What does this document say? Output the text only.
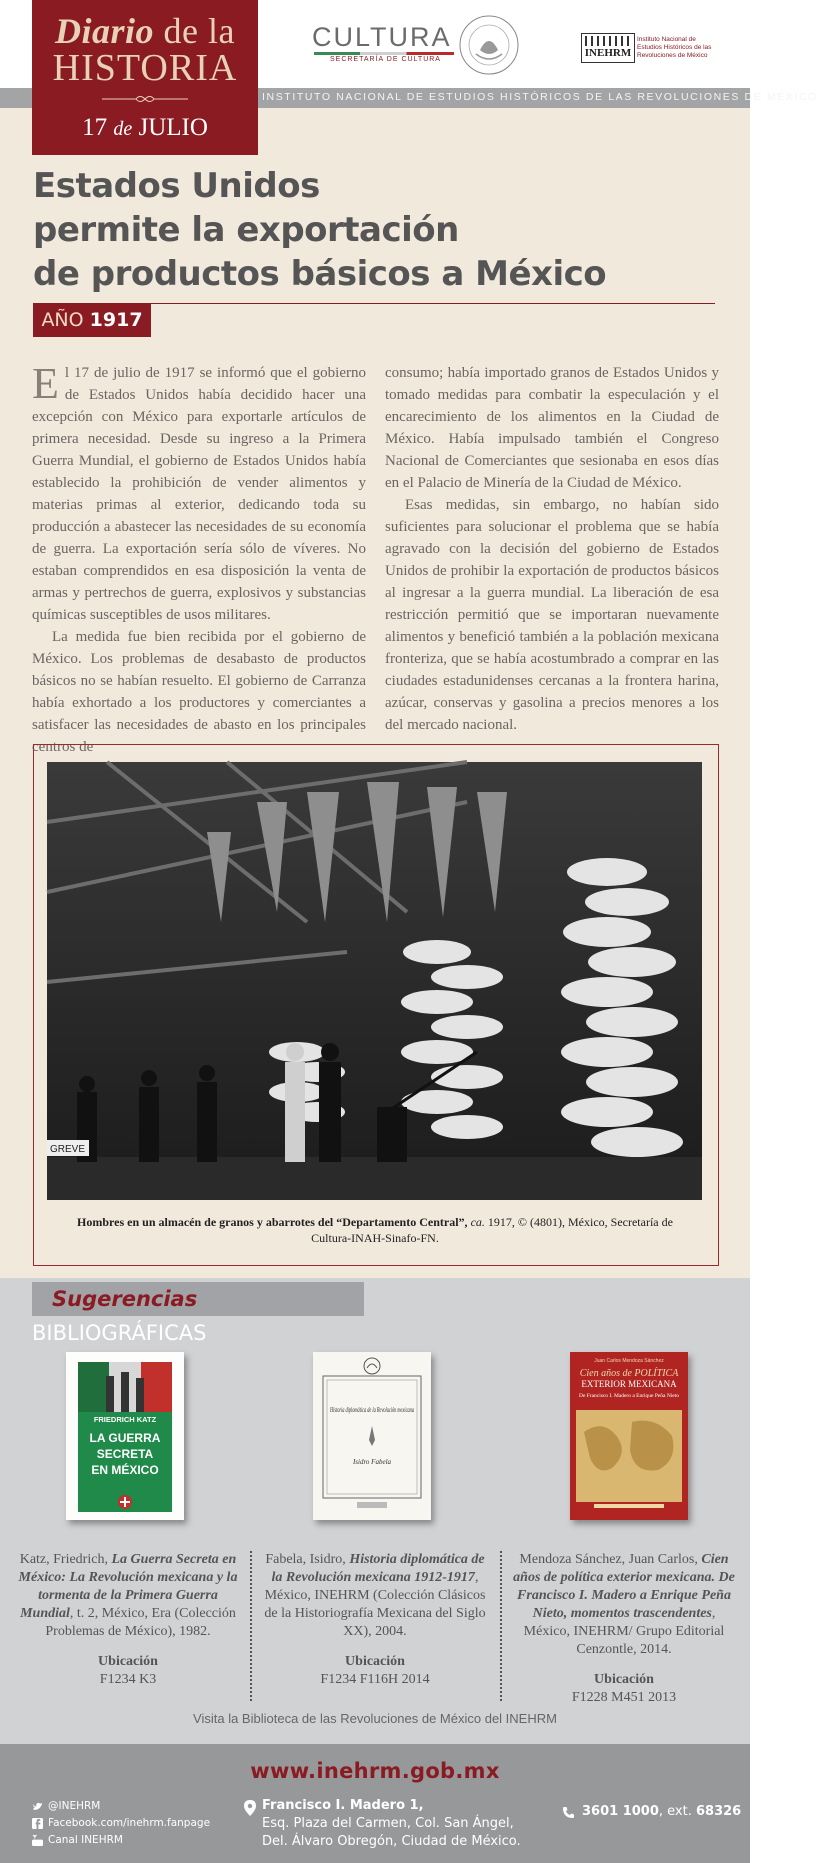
INSTITUTO NACIONAL DE ESTUDIOS HISTÓRICOS DE LAS REVOLUCIONES DE MÉXICO
Diario de la
HISTORIA
17 de JULIO
CULTURA
SECRETARÍA DE CULTURA
INEHRM
Instituto Nacional de
Estudios Históricos de las
Revoluciones de México
Estados Unidos
permite la exportación
de productos básicos a México
AÑO 1917

El 17 de julio de 1917 se informó que el gobierno de Estados Unidos había decidido hacer una excepción con México para exportarle artículos de primera necesidad. Desde su ingreso a la Primera Guerra Mundial, el gobierno de Estados Unidos había establecido la prohibición de vender alimentos y materias primas al exterior, dedicando toda su producción a abastecer las necesidades de su economía de guerra. La exportación sería sólo de víveres. No estaban comprendidos en esa disposición la venta de armas y pertrechos de guerra, explosivos y substancias químicas susceptibles de usos militares.

La medida fue bien recibida por el gobierno de México. Los problemas de desabasto de productos básicos no se habían resuelto. El gobierno de Carranza había exhortado a los productores y comerciantes a satisfacer las necesidades de abasto en los principales centros de

consumo; había importado granos de Estados Unidos y tomado medidas para combatir la especulación y el encarecimiento de los alimentos en la Ciudad de México. Había impulsado también el Congreso Nacional de Comerciantes que sesionaba en esos días en el Palacio de Minería de la Ciudad de México.

Esas medidas, sin embargo, no habían sido suficientes para solucionar el problema que se había agravado con la decisión del gobierno de Estados Unidos de prohibir la exportación de productos básicos al ingresar a la guerra mundial. La liberación de esa restricción permitió que se importaran nuevamente alimentos y benefició también a la población mexicana fronteriza, que se había acostumbrado a comprar en las ciudades estadunidenses cercanas a la frontera harina, azúcar, conservas y gasolina a precios menores a los del mercado nacional.

GREVE
Hombres en un almacén de granos y abarrotes del “Departamento Central”, ca. 1917, © (4801), México, Secretaría de Cultura-INAH-Sinafo-FN.
Sugerencias BIBLIOGRÁFICAS
FRIEDRICH KATZ
LA GUERRA
SECRETA
EN MÉXICO
Historia diplomática de la Revolución mexicana
Isidro Fabela
Juan Carlos Mendoza Sánchez
Cien años de POLÍTICA
EXTERIOR MEXICANA
De Francisco I. Madero a Enrique Peña Nieto
Katz, Friedrich, La Guerra Secreta en México: La Revolución mexicana y la tormenta de la Primera Guerra Mundial, t. 2, México, Era (Colección Problemas de México), 1982.
Ubicación
F1234 K3
Fabela, Isidro, Historia diplomática de la Revolución mexicana 1912-1917, México, INEHRM (Colección Clásicos de la Historiografía Mexicana del Siglo XX), 2004.
Ubicación
F1234 F116H 2014
Mendoza Sánchez, Juan Carlos, Cien años de política exterior mexicana. De Francisco I. Madero a Enrique Peña Nieto, momentos trascendentes, México, INEHRM/ Grupo Editorial Cenzontle, 2014.
Ubicación
F1228 M451 2013
Visita la Biblioteca de las Revoluciones de México del INEHRM
www.inehrm.gob.mx
@INEHRM
Facebook.com/inehrm.fanpage
Canal INEHRM
Francisco I. Madero 1,
Esq. Plaza del Carmen, Col. San Ángel,
Del. Álvaro Obregón, Ciudad de México.
3601 1000, ext. 68326
